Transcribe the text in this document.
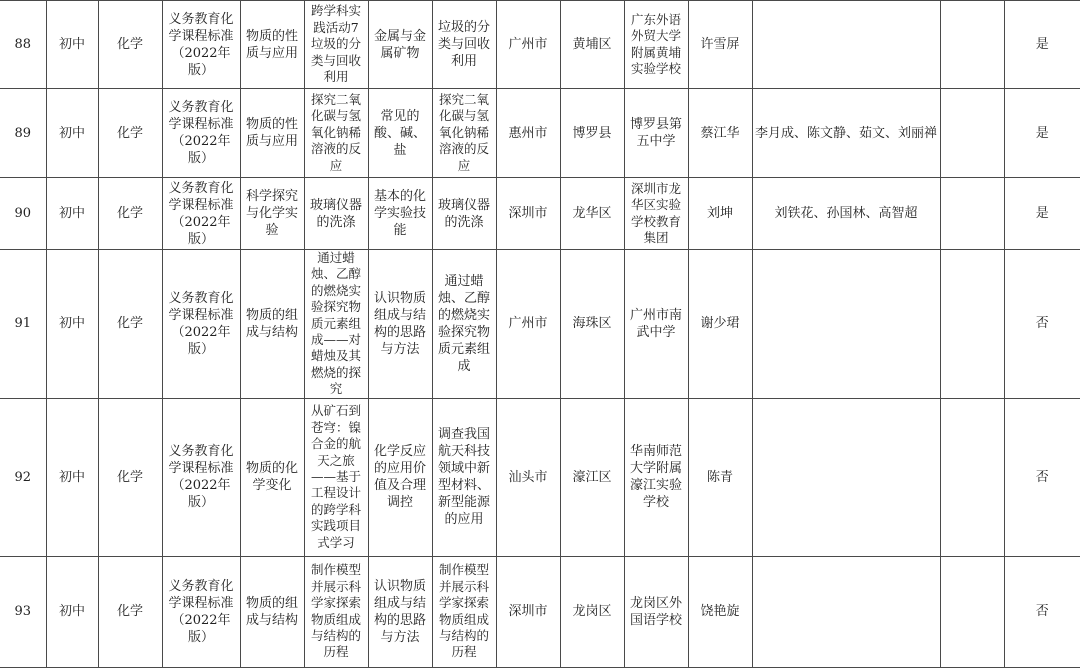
88	初中	化学	义务教育化学课程标准（2022年版）	物质的性质与应用	跨学科实践活动7 垃圾的分类与回收利用	金属与金属矿物	垃圾的分类与回收利用	广州市	黄埔区	广东外语外贸大学附属黄埔实验学校	许雪屏			是
89	初中	化学	义务教育化学课程标准（2022年版）	物质的性质与应用	探究二氧化碳与氢氧化钠稀溶液的反应	常见的酸、碱、盐	探究二氧化碳与氢氧化钠稀溶液的反应	惠州市	博罗县	博罗县第五中学	蔡江华	李月成、陈文静、茹文、刘丽禅		是
90	初中	化学	义务教育化学课程标准（2022年版）	科学探究与化学实验	玻璃仪器的洗涤	基本的化学实验技能	玻璃仪器的洗涤	深圳市	龙华区	深圳市龙华区实验学校教育集团	刘坤	刘铁花、孙国林、高智超		是
91	初中	化学	义务教育化学课程标准（2022年版）	物质的组成与结构	通过蜡烛、乙醇的燃烧实验探究物质元素组成——对蜡烛及其燃烧的探究	认识物质组成与结构的思路与方法	通过蜡烛、乙醇的燃烧实验探究物质元素组成	广州市	海珠区	广州市南武中学	谢少珺			否
92	初中	化学	义务教育化学课程标准（2022年版）	物质的化学变化	从矿石到苍穹：镍合金的航天之旅——基于工程设计的跨学科实践项目式学习	化学反应的应用价值及合理调控	调查我国航天科技领域中新型材料、新型能源的应用	汕头市	濠江区	华南师范大学附属濠江实验学校	陈青			否
93	初中	化学	义务教育化学课程标准（2022年版）	物质的组成与结构	制作模型并展示科学家探索物质组成与结构的历程	认识物质组成与结构的思路与方法	制作模型并展示科学家探索物质组成与结构的历程	深圳市	龙岗区	龙岗区外国语学校	饶艳旋			否
